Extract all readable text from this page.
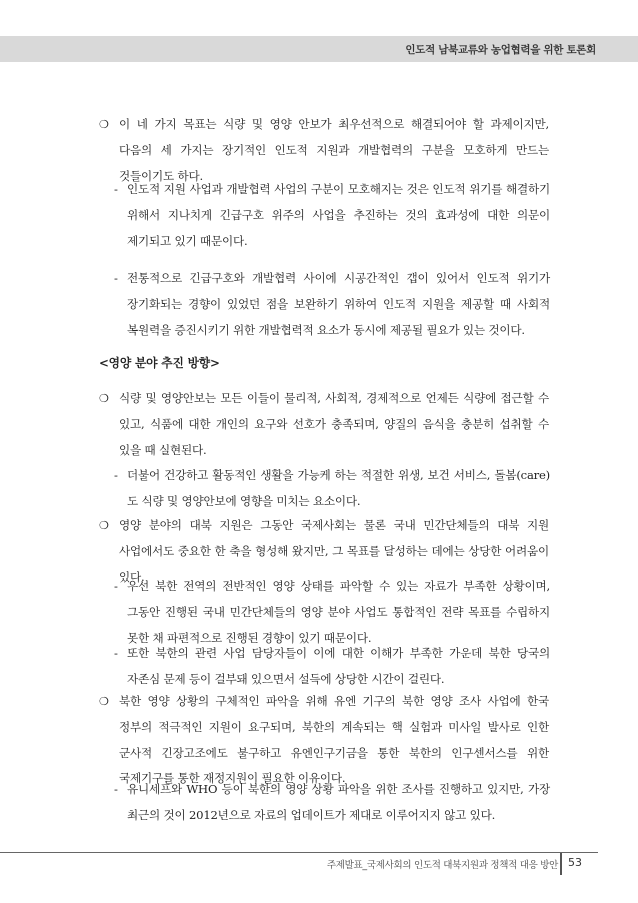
인도적 남북교류와 농업협력을 위한 토론회

❍ 이 네 가지 목표는 식량 및 영양 안보가 최우선적으로 해결되어야 할 과제이지만, 다음의 세 가지는 장기적인 인도적 지원과 개발협력의 구분을 모호하게 만드는 것들이기도 하다.

- 인도적 지원 사업과 개발협력 사업의 구분이 모호해지는 것은 인도적 위기를 해결하기 위해서 지나치게 긴급구호 위주의 사업을 추진하는 것의 효과성에 대한 의문이 제기되고 있기 때문이다.

- 전통적으로 긴급구호와 개발협력 사이에 시공간적인 갭이 있어서 인도적 위기가 장기화되는 경향이 있었던 점을 보완하기 위하여 인도적 지원을 제공할 때 사회적 복원력을 증진시키기 위한 개발협력적 요소가 동시에 제공될 필요가 있는 것이다.

<영양 분야 추진 방향>

❍ 식량 및 영양안보는 모든 이들이 물리적, 사회적, 경제적으로 언제든 식량에 접근할 수 있고, 식품에 대한 개인의 요구와 선호가 충족되며, 양질의 음식을 충분히 섭취할 수 있을 때 실현된다.

- 더불어 건강하고 활동적인 생활을 가능케 하는 적절한 위생, 보건 서비스, 돌봄(care)도 식량 및 영양안보에 영향을 미치는 요소이다.

❍ 영양 분야의 대북 지원은 그동안 국제사회는 물론 국내 민간단체들의 대북 지원 사업에서도 중요한 한 축을 형성해 왔지만, 그 목표를 달성하는 데에는 상당한 어려움이 있다.

- 우선 북한 전역의 전반적인 영양 상태를 파악할 수 있는 자료가 부족한 상황이며, 그동안 진행된 국내 민간단체들의 영양 분야 사업도 통합적인 전략 목표를 수립하지 못한 채 파편적으로 진행된 경향이 있기 때문이다.

- 또한 북한의 관련 사업 담당자들이 이에 대한 이해가 부족한 가운데 북한 당국의 자존심 문제 등이 걸부돼 있으면서 설득에 상당한 시간이 걸린다.

❍ 북한 영양 상황의 구체적인 파악을 위해 유엔 기구의 북한 영양 조사 사업에 한국 정부의 적극적인 지원이 요구되며, 북한의 계속되는 핵 실험과 미사일 발사로 인한 군사적 긴장고조에도 불구하고 유엔인구기금을 통한 북한의 인구센서스를 위한 국제기구를 통한 재정지원이 필요한 이유이다.

- 유니세프와 WHO 등이 북한의 영양 상황 파악을 위한 조사를 진행하고 있지만, 가장 최근의 것이 2012년으로 자료의 업데이트가 제대로 이루어지지 않고 있다.

주제발표_국제사회의 인도적 대북지원과 정책적 대응 방안 53
